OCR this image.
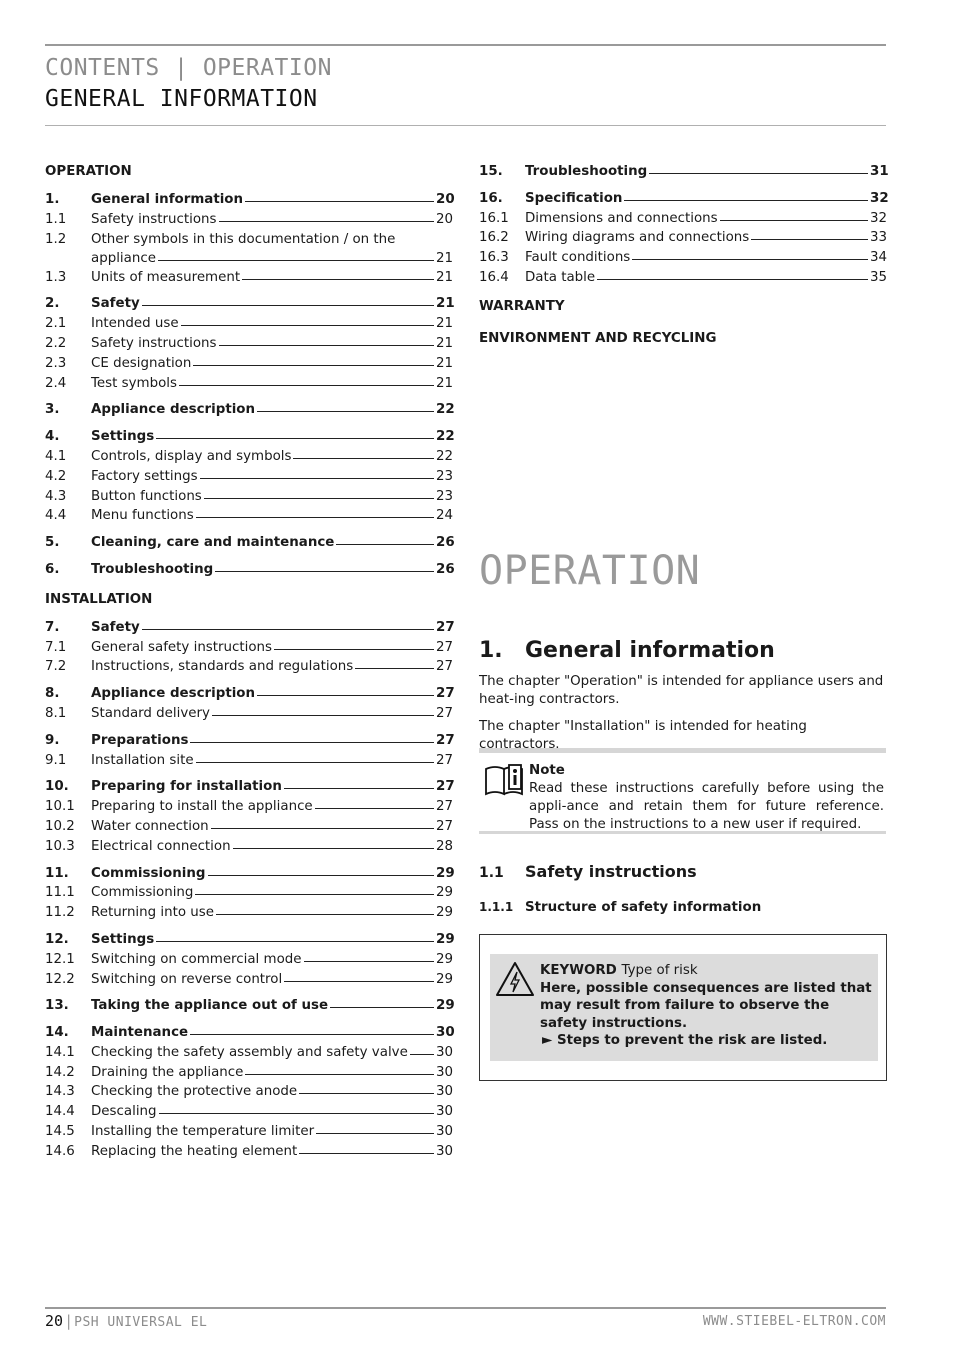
CONTENTS | OPERATION
GENERAL INFORMATION
OPERATION
1.	General information	20
1.1	Safety instructions	20
1.2	Other symbols in this documentation / on the
appliance	21
1.3	Units of measurement	21
2.	Safety	21
2.1	Intended use	21
2.2	Safety instructions	21
2.3	CE designation	21
2.4	Test symbols	21
3.	Appliance description	22
4.	Settings	22
4.1	Controls, display and symbols	22
4.2	Factory settings	23
4.3	Button functions	23
4.4	Menu functions	24
5.	Cleaning, care and maintenance	26
6.	Troubleshooting	26
INSTALLATION
7.	Safety	27
7.1	General safety instructions	27
7.2	Instructions, standards and regulations	27
8.	Appliance description	27
8.1	Standard delivery	27
9.	Preparations	27
9.1	Installation site	27
10.	Preparing for installation	27
10.1	Preparing to install the appliance	27
10.2	Water connection	27
10.3	Electrical connection	28
11.	Commissioning	29
11.1	Commissioning	29
11.2	Returning into use	29
12.	Settings	29
12.1	Switching on commercial mode	29
12.2	Switching on reverse control	29
13.	Taking the appliance out of use	29
14.	Maintenance	30
14.1	Checking the safety assembly and safety valve 30
14.2	Draining the appliance	30
14.3	Checking the protective anode	30
14.4	Descaling	30
14.5	Installing the temperature limiter	30
14.6	Replacing the heating element	30
15.	Troubleshooting	31
16.	Specification	32
16.1	Dimensions and connections	32
16.2	Wiring diagrams and connections	33
16.3	Fault conditions	34
16.4	Data table	35
WARRANTY
ENVIRONMENT AND RECYCLING
OPERATION
1. General information
The chapter "Operation" is intended for appliance users and heat-ing contractors.
The chapter "Installation" is intended for heating contractors.
Note
Read these instructions carefully before using the appli-ance and retain them for future reference. Pass on the instructions to a new user if required.
1.1 Safety instructions
1.1.1 Structure of safety information
KEYWORD Type of risk
Here, possible consequences are listed that may result from failure to observe the safety instructions.
► Steps to prevent the risk are listed.
20 | PSH UNIVERSAL EL	WWW.STIEBEL-ELTRON.COM
